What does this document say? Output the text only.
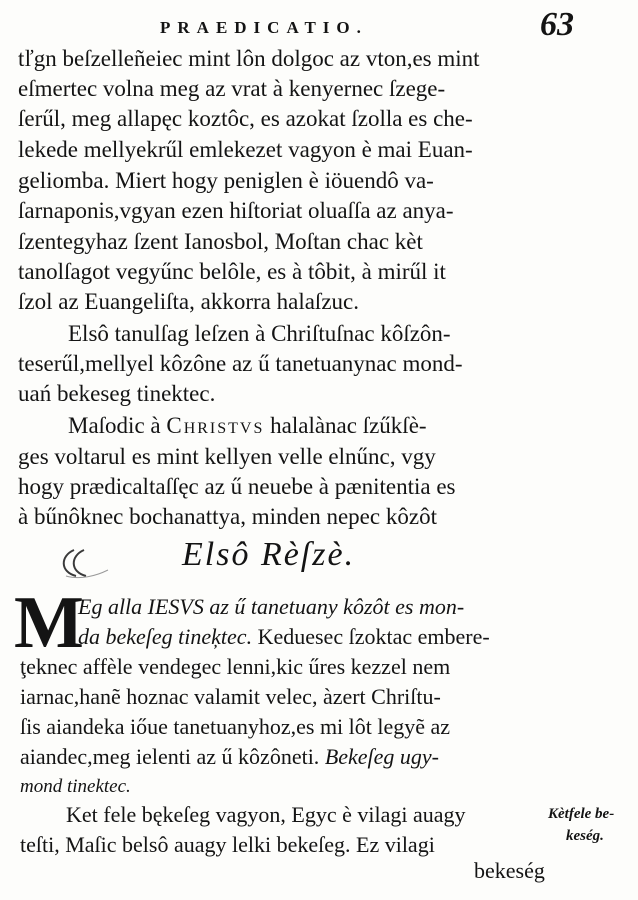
PRAEDICATIO.	63
tľgn beſzelleñeiec mint lôn dolgoc az vton,es mint
eſmertec volna meg az vrat à kenyernec ſzege-
ſerűl, meg allapęc koztôc, es azokat ſzolla es che-
lekede mellyekrűl emlekezet vagyon è mai Euan-
geliomba. Miert hogy peniglen è iöuendô va-
ſarnaponis,vgyan ezen hiſtoriat oluaſſa az anya-
ſzentegyhaz ſzent Ianosbol, Moſtan chac kèt
tanolſagot vegyűnc belôle, es à tôbit, à mirűl it
ſzol az Euangeliſta, akkorra halaſzuc.
Elsô tanulſag leſzen à Chriſtuſnac kôſzôn-
teserűl,mellyel kôzône az ű tanetuanynac mond-
uań bekeseg tinektec.
Maſodic à Christvs halalànac ſzűkſè-
ges voltarul es mint kellyen velle elnűnc, vgy
hogy prædicaltaſſęc az ű neuebe à pænitentia es
à bűnôknec bochanattya, minden nepec kôzôt
Elsô Rèſzè.
M
Eg alla IESVS az ű tanetuany kôzôt es mon-
da bekeſeg tineķtec. Keduesec ſzoktac embere-
ţeknec affèle vendegec lenni,kic űres kezzel nem
iarnac,hanẽ hoznac valamit velec, àzert Chriſtu-
ſis aiandeka iőue tanetuanyhoz,es mi lôt legyẽ az
aiandec,meg ielenti az ű kôzôneti. Bekeſeg ugy-
mond tinektec.
Ket fele bękeſeg vagyon, Egyc è vilagi auagy
teſti, Maſic belsô auagy lelki bekeſeg. Ez vilagi
Kètfele be-
keség.
bekeség
